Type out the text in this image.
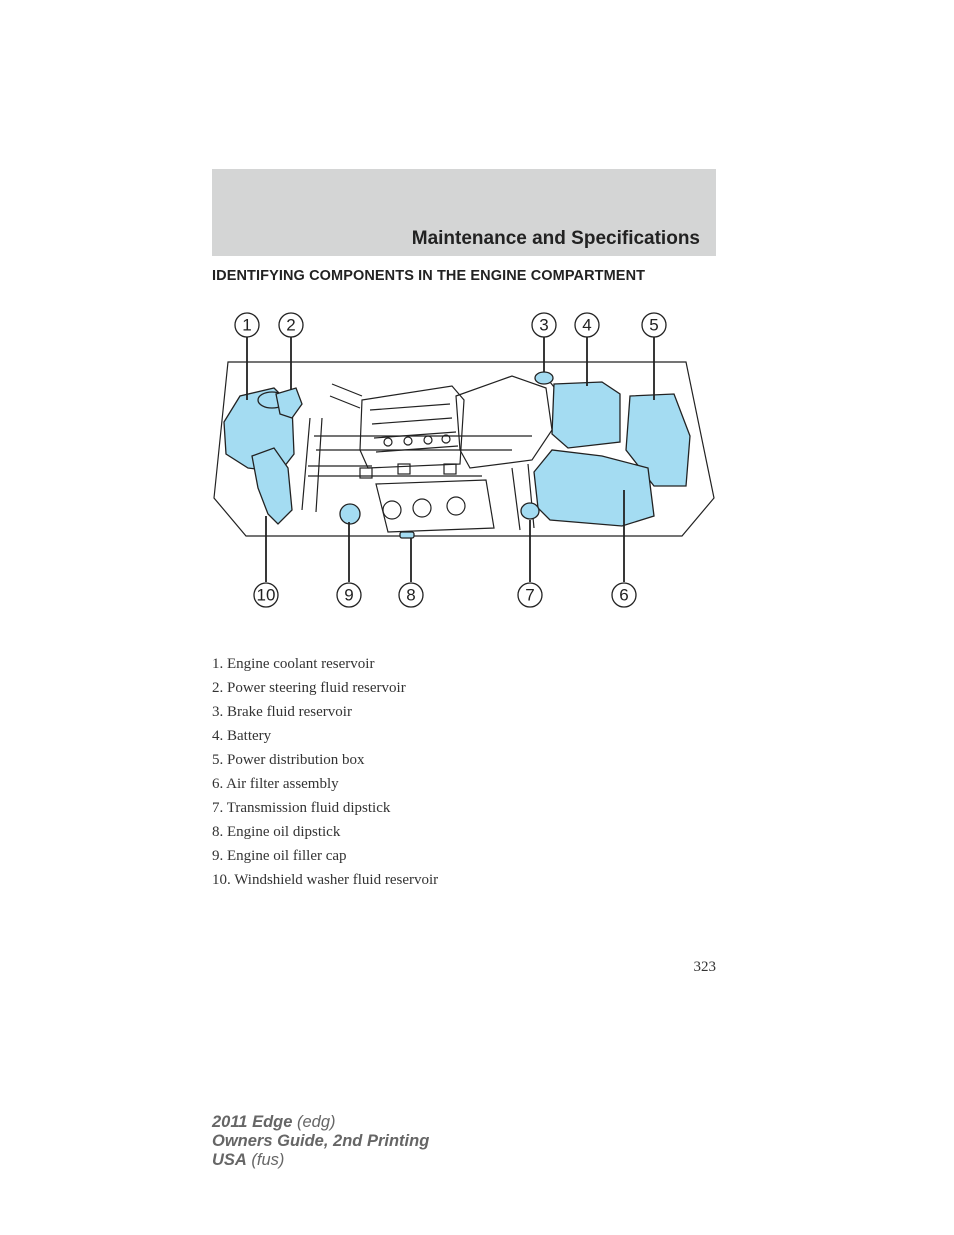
Maintenance and Specifications
IDENTIFYING COMPONENTS IN THE ENGINE COMPARTMENT
1 2	3 4	5
6
7
8
9
10
1. Engine coolant reservoir
2. Power steering fluid reservoir
3. Brake fluid reservoir
4. Battery
5. Power distribution box
6. Air filter assembly
7. Transmission fluid dipstick
8. Engine oil dipstick
9. Engine oil filler cap
10. Windshield washer fluid reservoir
323
2011 Edge (edg)
Owners Guide, 2nd Printing
USA (fus)
